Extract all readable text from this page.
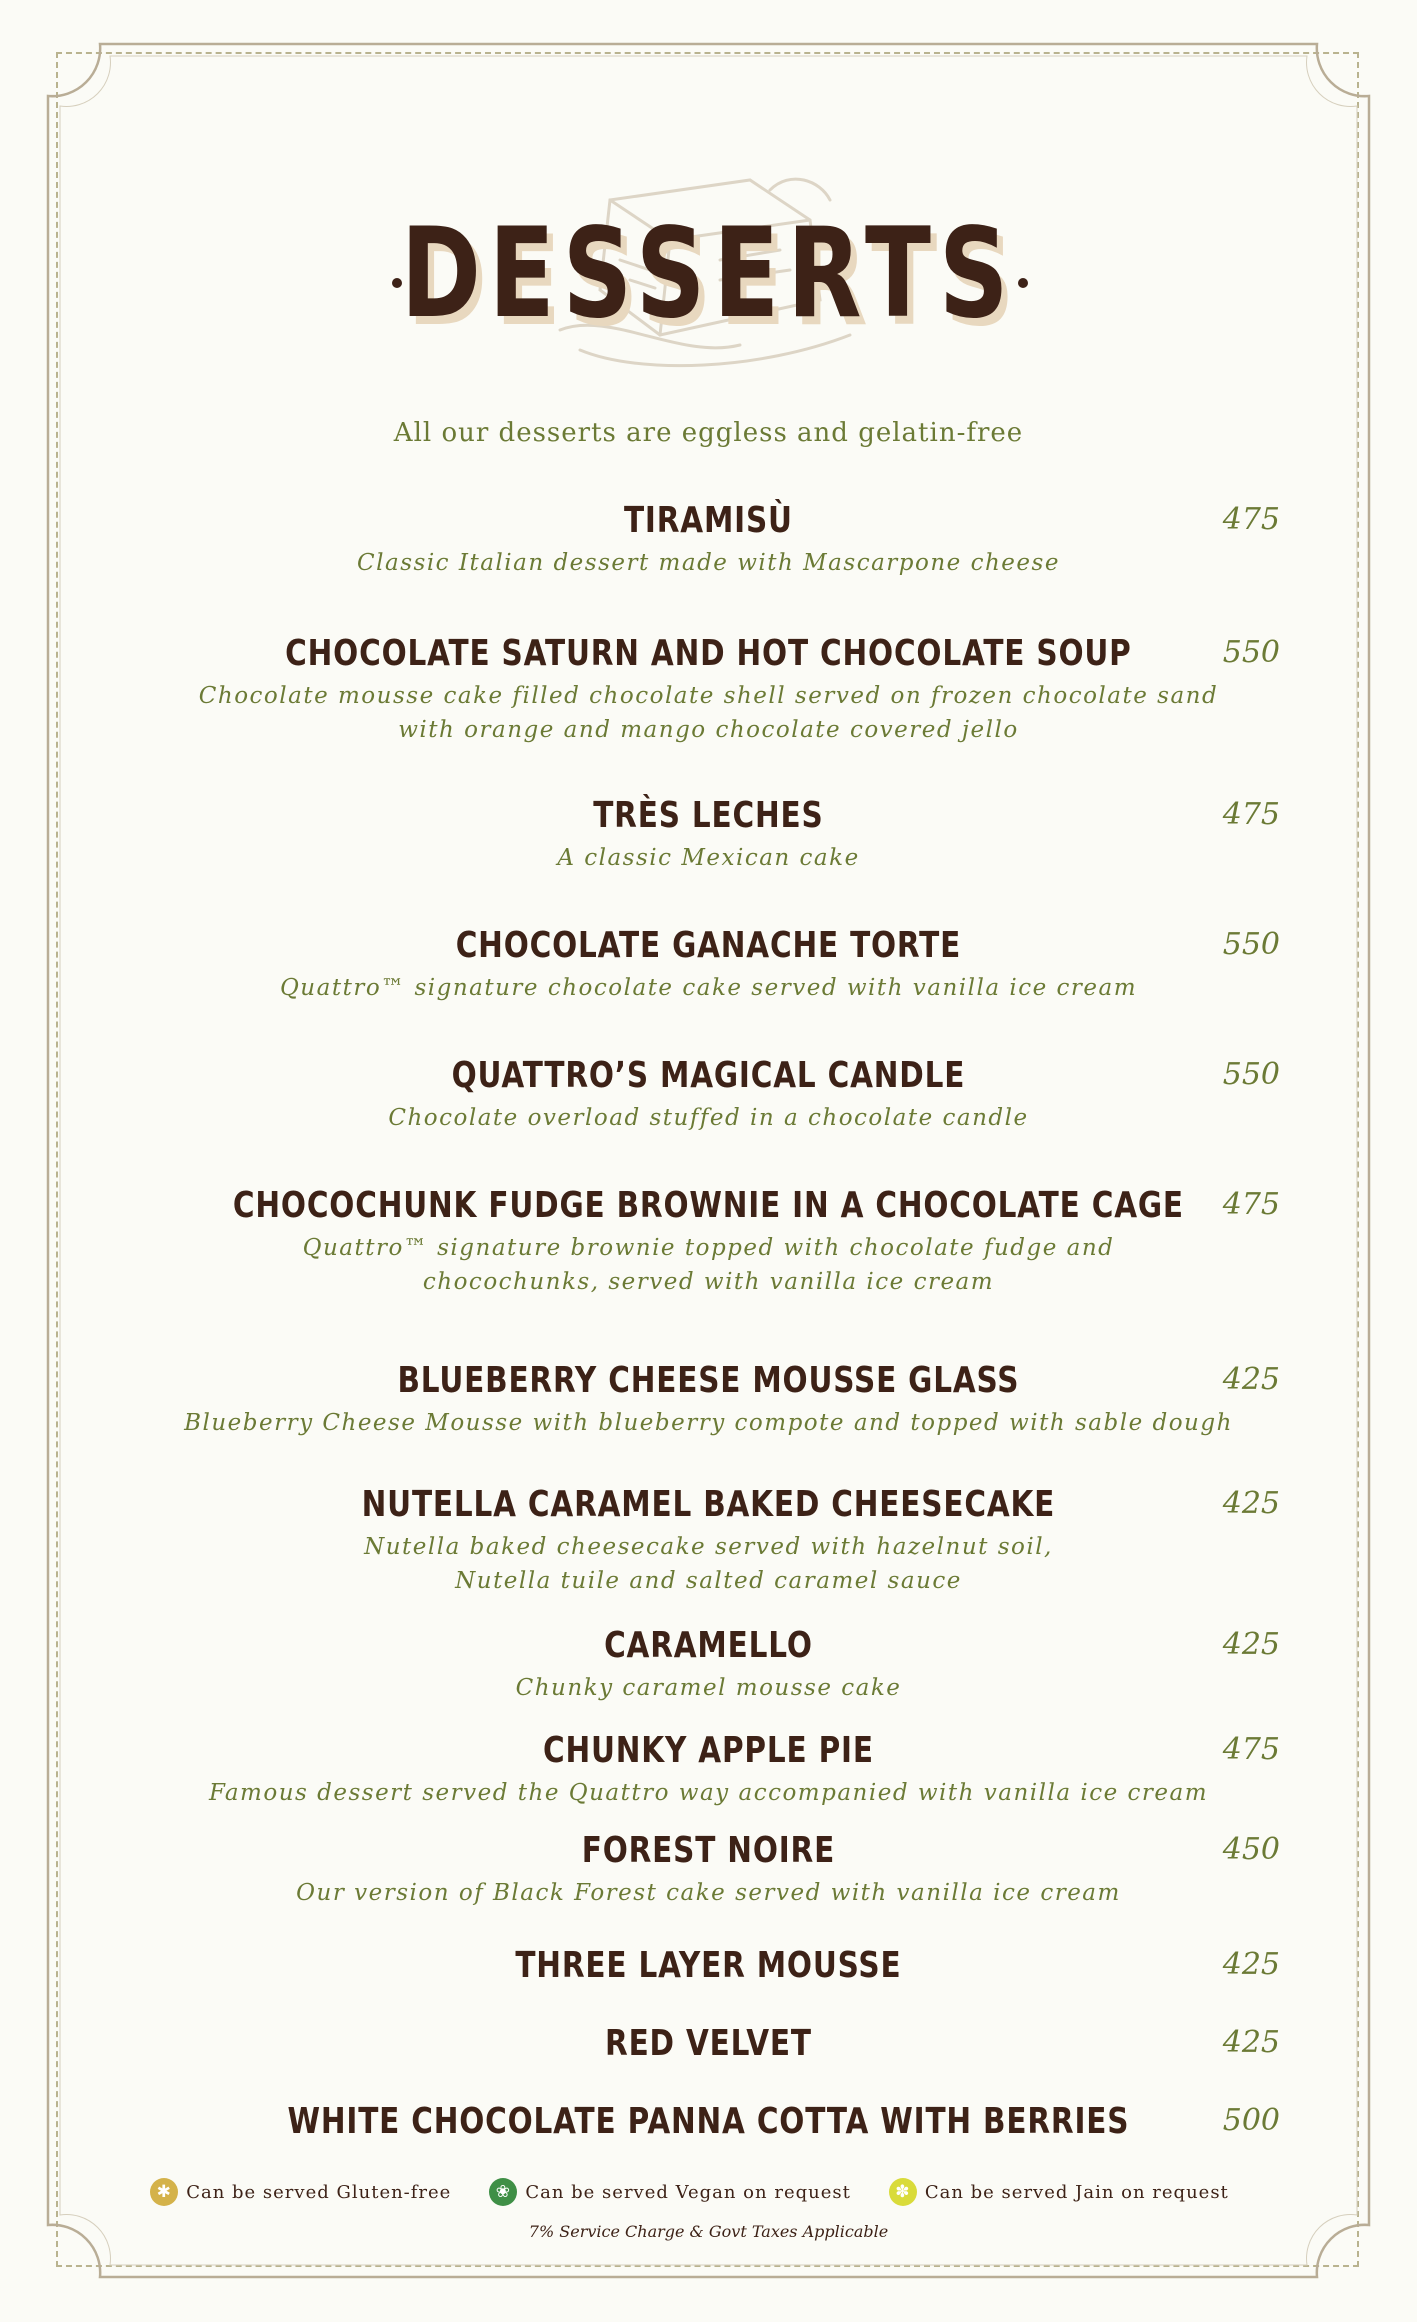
DESSERTS
All our desserts are eggless and gelatin-free
TIRAMISÙ	475
Classic Italian dessert made with Mascarpone cheese
CHOCOLATE SATURN AND HOT CHOCOLATE SOUP	550
Chocolate mousse cake filled chocolate shell served on frozen chocolate sand
with orange and mango chocolate covered jello
TRÈS LECHES	475
A classic Mexican cake
CHOCOLATE GANACHE TORTE	550
Quattro™ signature chocolate cake served with vanilla ice cream
QUATTRO’S MAGICAL CANDLE	550
Chocolate overload stuffed in a chocolate candle
CHOCOCHUNK FUDGE BROWNIE IN A CHOCOLATE CAGE	475
Quattro™ signature brownie topped with chocolate fudge and
chocochunks, served with vanilla ice cream
BLUEBERRY CHEESE MOUSSE GLASS	425
Blueberry Cheese Mousse with blueberry compote and topped with sable dough
NUTELLA CARAMEL BAKED CHEESECAKE	425
Nutella baked cheesecake served with hazelnut soil,
Nutella tuile and salted caramel sauce
CARAMELLO	425
Chunky caramel mousse cake
CHUNKY APPLE PIE	475
Famous dessert served the Quattro way accompanied with vanilla ice cream
FOREST NOIRE	450
Our version of Black Forest cake served with vanilla ice cream
THREE LAYER MOUSSE	425
RED VELVET	425
WHITE CHOCOLATE PANNA COTTA WITH BERRIES	500
✱ Can be served Gluten-free	❀ Can be served Vegan on request	✽ Can be served Jain on request
7% Service Charge & Govt Taxes Applicable
